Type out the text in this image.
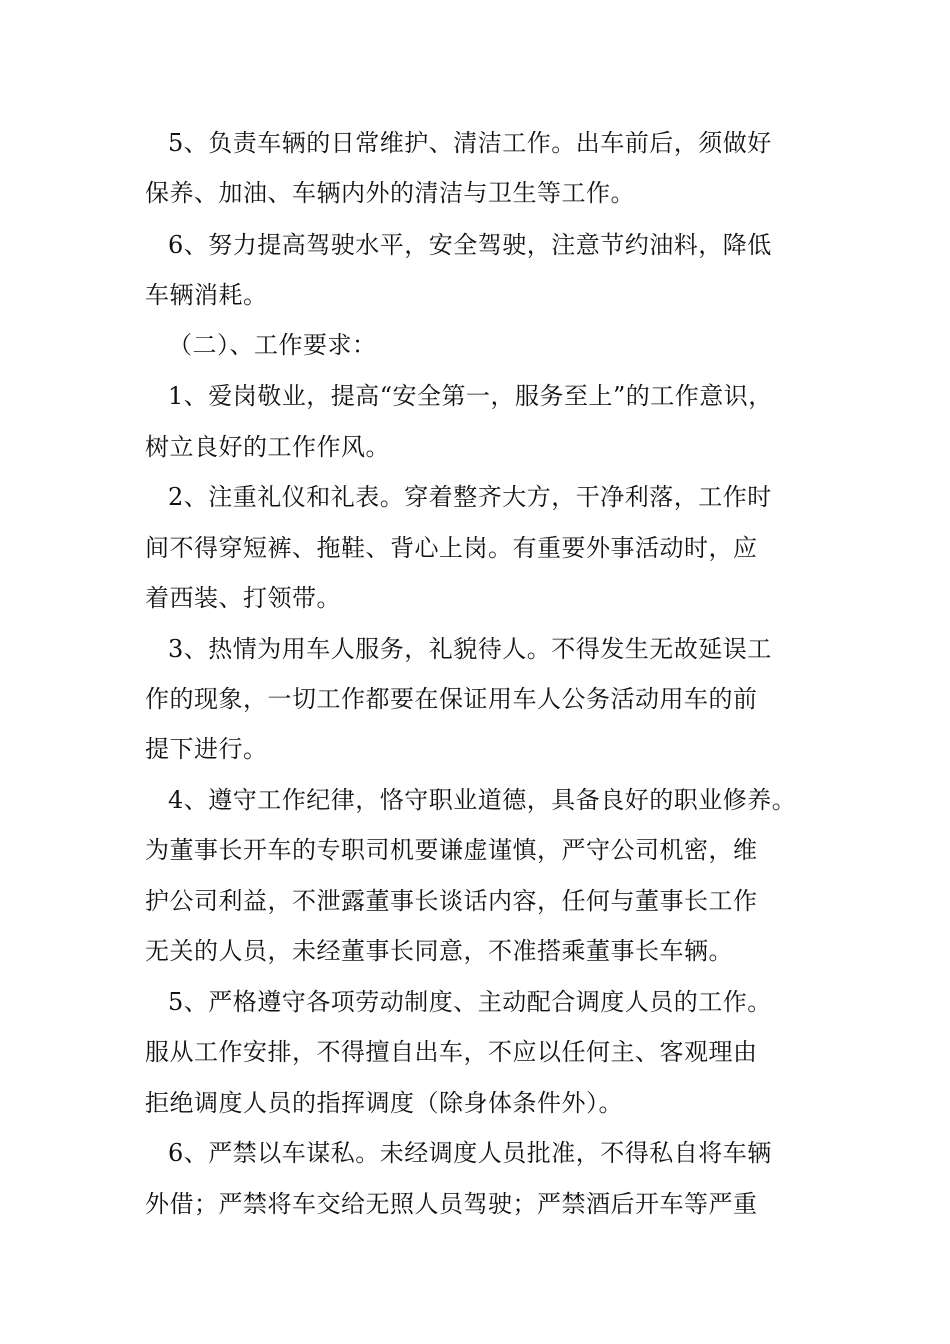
5、负责车辆的日常维护、清洁工作。出车前后，须做好
保养、加油、车辆内外的清洁与卫生等工作。
6、努力提高驾驶水平，安全驾驶，注意节约油料，降低
车辆消耗。
（二）、工作要求：
1、爱岗敬业，提高“安全第一，服务至上”的工作意识，
树立良好的工作作风。
2、注重礼仪和礼表。穿着整齐大方，干净利落，工作时
间不得穿短裤、拖鞋、背心上岗。有重要外事活动时，应
着西装、打领带。
3、热情为用车人服务，礼貌待人。不得发生无故延误工
作的现象，一切工作都要在保证用车人公务活动用车的前
提下进行。
4、遵守工作纪律，恪守职业道德，具备良好的职业修养。
为董事长开车的专职司机要谦虚谨慎，严守公司机密，维
护公司利益，不泄露董事长谈话内容，任何与董事长工作
无关的人员，未经董事长同意，不准搭乘董事长车辆。
5、严格遵守各项劳动制度、主动配合调度人员的工作。
服从工作安排，不得擅自出车，不应以任何主、客观理由
拒绝调度人员的指挥调度（除身体条件外）。
6、严禁以车谋私。未经调度人员批准，不得私自将车辆
外借；严禁将车交给无照人员驾驶；严禁酒后开车等严重
